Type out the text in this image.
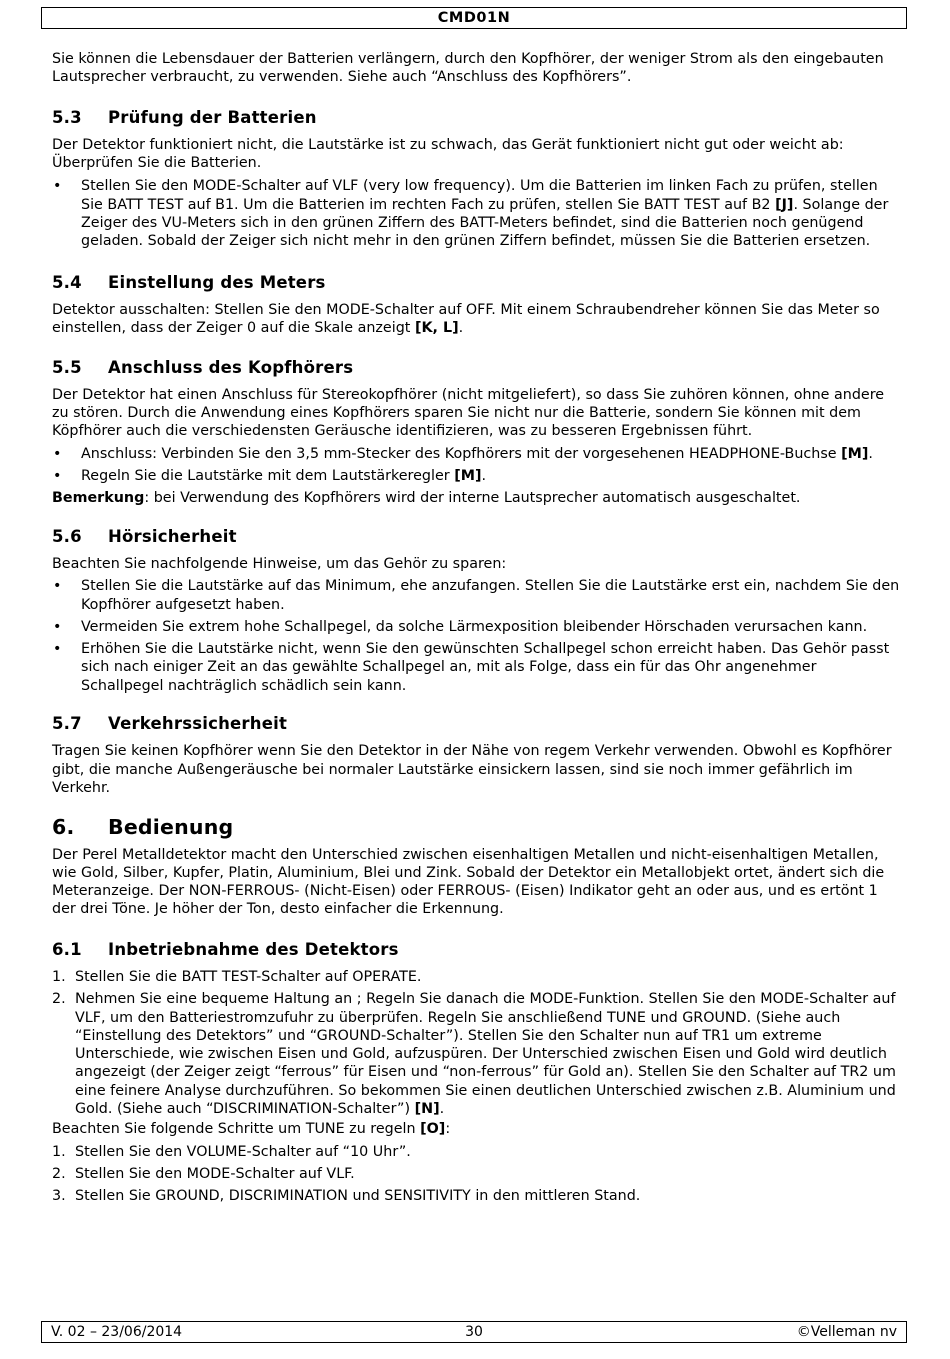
CMD01N

Sie können die Lebensdauer der Batterien verlängern, durch den Kopfhörer, der weniger Strom als den eingebauten Lautsprecher verbraucht, zu verwenden. Siehe auch “Anschluss des Kopfhörers”.

5.3 Prüfung der Batterien

Der Detektor funktioniert nicht, die Lautstärke ist zu schwach, das Gerät funktioniert nicht gut oder weicht ab: Überprüfen Sie die Batterien.

• Stellen Sie den MODE-Schalter auf VLF (very low frequency). Um die Batterien im linken Fach zu prüfen, stellen Sie BATT TEST auf B1. Um die Batterien im rechten Fach zu prüfen, stellen Sie BATT TEST auf B2 [J]. Solange der Zeiger des VU-Meters sich in den grünen Ziffern des BATT-Meters befindet, sind die Batterien noch genügend geladen. Sobald der Zeiger sich nicht mehr in den grünen Ziffern befindet, müssen Sie die Batterien ersetzen.
5.4 Einstellung des Meters

Detektor ausschalten: Stellen Sie den MODE-Schalter auf OFF. Mit einem Schraubendreher können Sie das Meter so einstellen, dass der Zeiger 0 auf die Skale anzeigt [K, L].

5.5 Anschluss des Kopfhörers

Der Detektor hat einen Anschluss für Stereokopfhörer (nicht mitgeliefert), so dass Sie zuhören können, ohne andere zu stören. Durch die Anwendung eines Kopfhörers sparen Sie nicht nur die Batterie, sondern Sie können mit dem Köpfhörer auch die verschiedensten Geräusche identifizieren, was zu besseren Ergebnissen führt.

• Anschluss: Verbinden Sie den 3,5 mm-Stecker des Kopfhörers mit der vorgesehenen HEADPHONE-Buchse [M].
• Regeln Sie die Lautstärke mit dem Lautstärkeregler [M].

Bemerkung: bei Verwendung des Kopfhörers wird der interne Lautsprecher automatisch ausgeschaltet.

5.6 Hörsicherheit

Beachten Sie nachfolgende Hinweise, um das Gehör zu sparen:

• Stellen Sie die Lautstärke auf das Minimum, ehe anzufangen. Stellen Sie die Lautstärke erst ein, nachdem Sie den Kopfhörer aufgesetzt haben.
• Vermeiden Sie extrem hohe Schallpegel, da solche Lärmexposition bleibender Hörschaden verursachen kann.
• Erhöhen Sie die Lautstärke nicht, wenn Sie den gewünschten Schallpegel schon erreicht haben. Das Gehör passt sich nach einiger Zeit an das gewählte Schallpegel an, mit als Folge, dass ein für das Ohr angenehmer Schallpegel nachträglich schädlich sein kann.
5.7 Verkehrssicherheit

Tragen Sie keinen Kopfhörer wenn Sie den Detektor in der Nähe von regem Verkehr verwenden. Obwohl es Kopfhörer gibt, die manche Außengeräusche bei normaler Lautstärke einsickern lassen, sind sie noch immer gefährlich im Verkehr.

6. Bedienung

Der Perel Metalldetektor macht den Unterschied zwischen eisenhaltigen Metallen und nicht-eisenhaltigen Metallen, wie Gold, Silber, Kupfer, Platin, Aluminium, Blei und Zink. Sobald der Detektor ein Metallobjekt ortet, ändert sich die Meteranzeige. Der NON-FERROUS- (Nicht-Eisen) oder FERROUS- (Eisen) Indikator geht an oder aus, und es ertönt 1 der drei Töne. Je höher der Ton, desto einfacher die Erkennung.

6.1 Inbetriebnahme des Detektors
1. Stellen Sie die BATT TEST-Schalter auf OPERATE.
2. Nehmen Sie eine bequeme Haltung an ; Regeln Sie danach die MODE-Funktion. Stellen Sie den MODE-Schalter auf VLF, um den Batteriestromzufuhr zu überprüfen. Regeln Sie anschließend TUNE und GROUND. (Siehe auch “Einstellung des Detektors” und “GROUND-Schalter”). Stellen Sie den Schalter nun auf TR1 um extreme Unterschiede, wie zwischen Eisen und Gold, aufzuspüren. Der Unterschied zwischen Eisen und Gold wird deutlich angezeigt (der Zeiger zeigt “ferrous” für Eisen und “non-ferrous” für Gold an). Stellen Sie den Schalter auf TR2 um eine feinere Analyse durchzuführen. So bekommen Sie einen deutlichen Unterschied zwischen z.B. Aluminium und Gold. (Siehe auch “DISCRIMINATION-Schalter”) [N].

Beachten Sie folgende Schritte um TUNE zu regeln [O]:

1. Stellen Sie den VOLUME-Schalter auf “10 Uhr”.
2. Stellen Sie den MODE-Schalter auf VLF.
3. Stellen Sie GROUND, DISCRIMINATION und SENSITIVITY in den mittleren Stand.
V. 02 – 23/06/2014	30	©Velleman nv
